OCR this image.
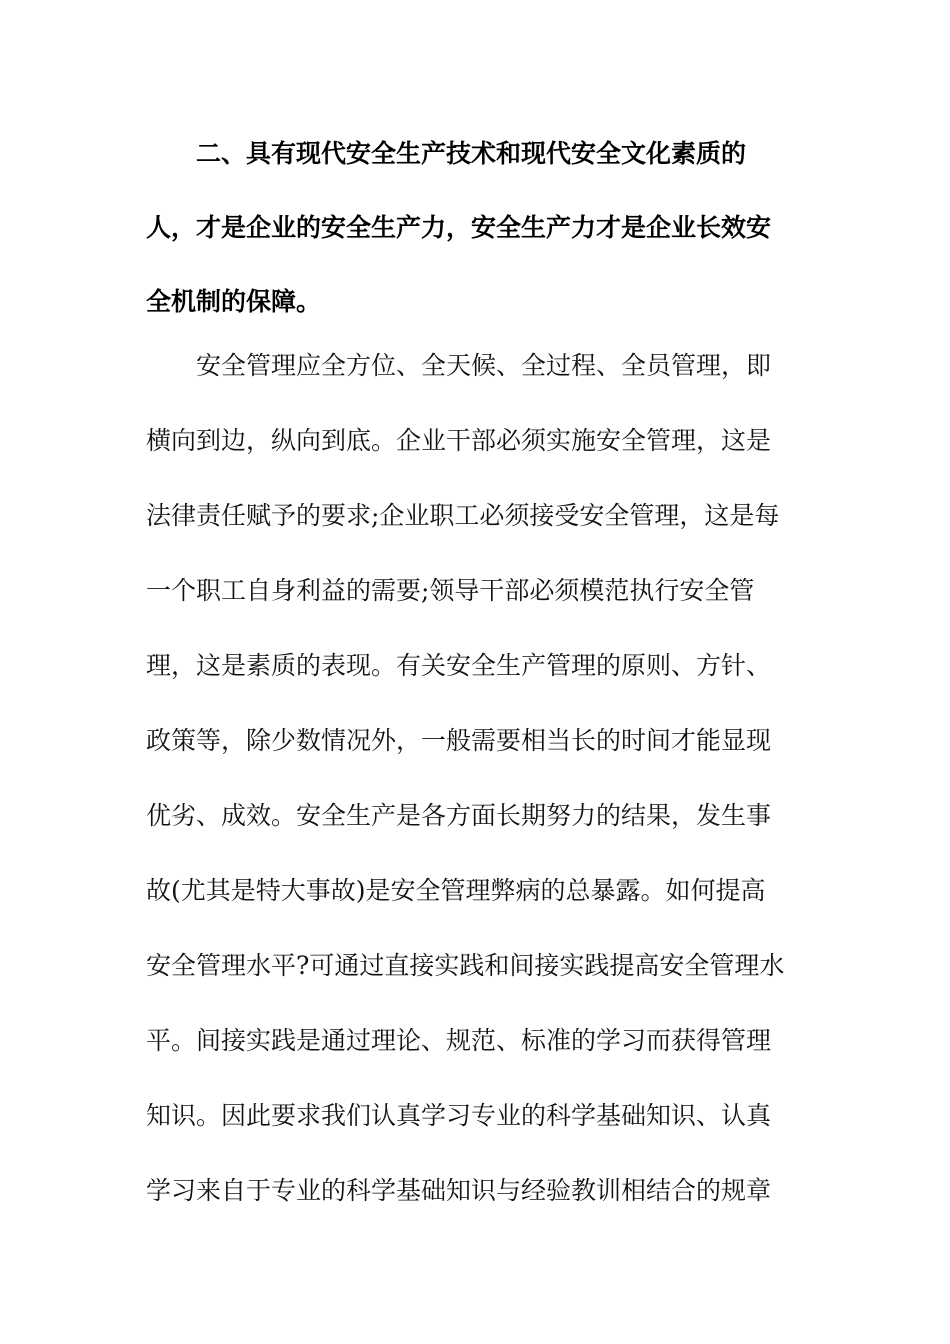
二、具有现代安全生产技术和现代安全文化素质的
人，才是企业的安全生产力，安全生产力才是企业长效安
全机制的保障。
安全管理应全方位、全天候、全过程、全员管理，即
横向到边，纵向到底。企业干部必须实施安全管理，这是
法律责任赋予的要求;企业职工必须接受安全管理，这是每
一个职工自身利益的需要;领导干部必须模范执行安全管
理，这是素质的表现。有关安全生产管理的原则、方针、
政策等，除少数情况外，一般需要相当长的时间才能显现
优劣、成效。安全生产是各方面长期努力的结果，发生事
故(尤其是特大事故)是安全管理弊病的总暴露。如何提高
安全管理水平?可通过直接实践和间接实践提高安全管理水
平。间接实践是通过理论、规范、标准的学习而获得管理
知识。因此要求我们认真学习专业的科学基础知识、认真
学习来自于专业的科学基础知识与经验教训相结合的规章
